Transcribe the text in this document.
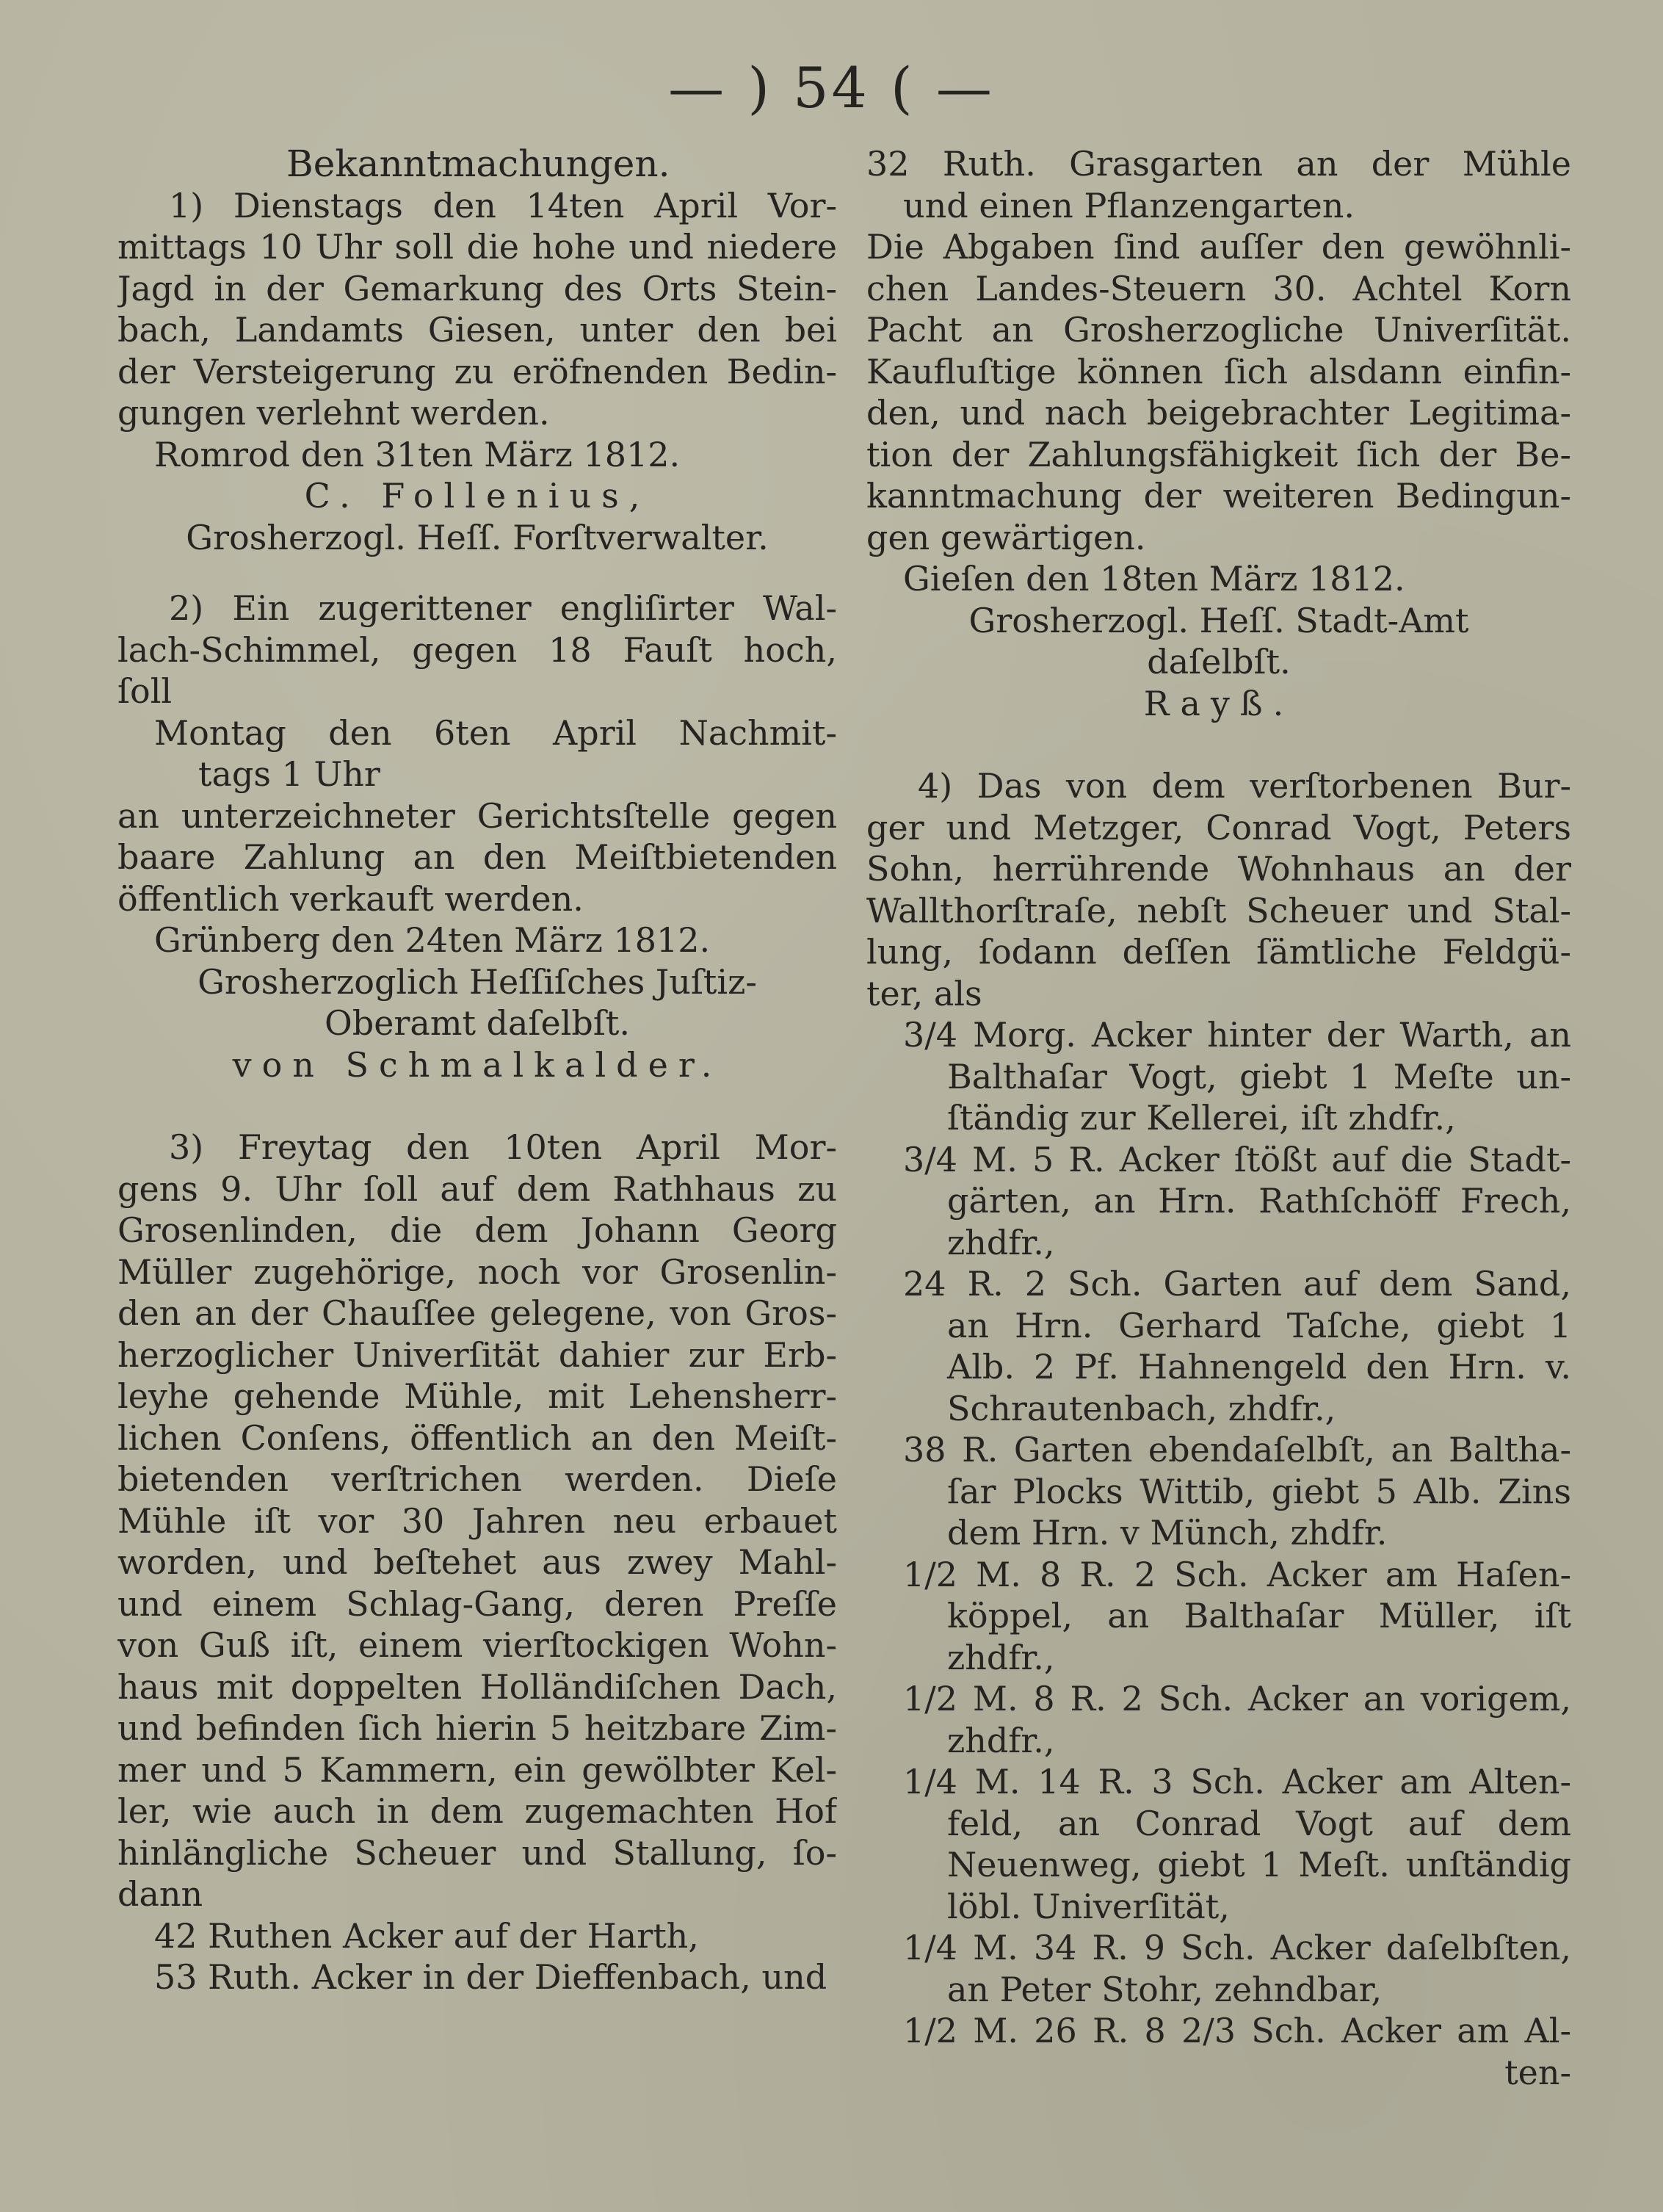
— ) 54 ( —
Bekanntmachungen.
1) Dienstags den 14ten April Vor-
mittags 10 Uhr soll die hohe und niedere
Jagd in der Gemarkung des Orts Stein-
bach, Landamts Giesen, unter den bei
der Versteigerung zu eröfnenden Bedin-
gungen verlehnt werden.
Romrod den 31ten März 1812.
C. Follenius,
Grosherzogl. Heſſ. Forſtverwalter.
2) Ein zugerittener engliſirter Wal-
lach-Schimmel, gegen 18 Fauſt hoch,
ſoll
Montag den 6ten April Nachmit-
tags 1 Uhr
an unterzeichneter Gerichtsſtelle gegen
baare Zahlung an den Meiſtbietenden
öffentlich verkauft werden.
Grünberg den 24ten März 1812.
Grosherzoglich Heſſiſches Juſtiz-
Oberamt daſelbſt.
von Schmalkalder.
3) Freytag den 10ten April Mor-
gens 9. Uhr ſoll auf dem Rathhaus zu
Grosenlinden, die dem Johann Georg
Müller zugehörige, noch vor Grosenlin-
den an der Chauſſee gelegene, von Gros-
herzoglicher Univerſität dahier zur Erb-
leyhe gehende Mühle, mit Lehensherr-
lichen Conſens, öffentlich an den Meiſt-
bietenden verſtrichen werden. Dieſe
Mühle iſt vor 30 Jahren neu erbauet
worden, und beſtehet aus zwey Mahl-
und einem Schlag-Gang, deren Preſſe
von Guß iſt, einem vierſtockigen Wohn-
haus mit doppelten Holländiſchen Dach,
und befinden ſich hierin 5 heitzbare Zim-
mer und 5 Kammern, ein gewölbter Kel-
ler, wie auch in dem zugemachten Hof
hinlängliche Scheuer und Stallung, ſo-
dann
42 Ruthen Acker auf der Harth,
53 Ruth. Acker in der Dieffenbach, und
32 Ruth. Grasgarten an der Mühle
und einen Pflanzengarten.
Die Abgaben ſind auſſer den gewöhnli-
chen Landes-Steuern 30. Achtel Korn
Pacht an Grosherzogliche Univerſität.
Kaufluſtige können ſich alsdann einfin-
den, und nach beigebrachter Legitima-
tion der Zahlungsfähigkeit ſich der Be-
kanntmachung der weiteren Bedingun-
gen gewärtigen.
Gieſen den 18ten März 1812.
Grosherzogl. Heſſ. Stadt-Amt
daſelbſt.
Rayß.
4) Das von dem verſtorbenen Bur-
ger und Metzger, Conrad Vogt, Peters
Sohn, herrührende Wohnhaus an der
Wallthorſtraſe, nebſt Scheuer und Stal-
lung, ſodann deſſen ſämtliche Feldgü-
ter, als
3/4 Morg. Acker hinter der Warth, an
Balthaſar Vogt, giebt 1 Meſte un-
ſtändig zur Kellerei, iſt zhdfr.,
3/4 M. 5 R. Acker ſtößt auf die Stadt-
gärten, an Hrn. Rathſchöff Frech,
zhdfr.,
24 R. 2 Sch. Garten auf dem Sand,
an Hrn. Gerhard Taſche, giebt 1
Alb. 2 Pf. Hahnengeld den Hrn. v.
Schrautenbach, zhdfr.,
38 R. Garten ebendaſelbſt, an Baltha-
ſar Plocks Wittib, giebt 5 Alb. Zins
dem Hrn. v Münch, zhdfr.
1/2 M. 8 R. 2 Sch. Acker am Haſen-
köppel, an Balthaſar Müller, iſt
zhdfr.,
1/2 M. 8 R. 2 Sch. Acker an vorigem,
zhdfr.,
1/4 M. 14 R. 3 Sch. Acker am Alten-
feld, an Conrad Vogt auf dem
Neuenweg, giebt 1 Meſt. unſtändig
löbl. Univerſität,
1/4 M. 34 R. 9 Sch. Acker daſelbſten,
an Peter Stohr, zehndbar,
1/2 M. 26 R. 8 2/3 Sch. Acker am Al-
ten-
